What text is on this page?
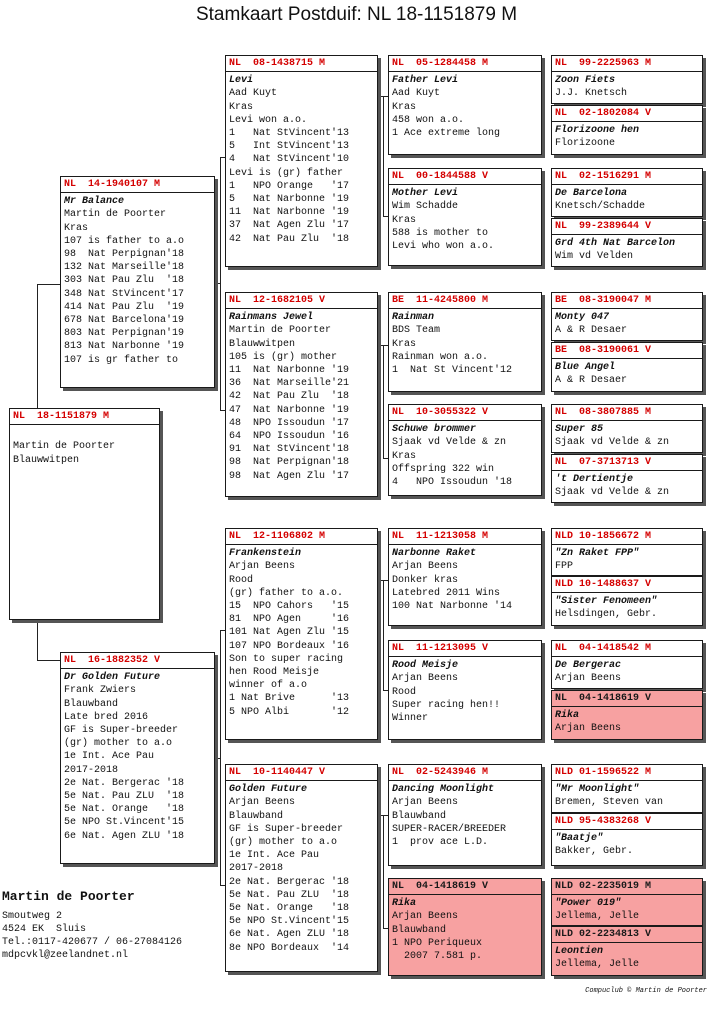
Stamkaart Postduif: NL 18-1151879 M
NL  18-1151879 M
Martin de Poorter
Blauwwitpen
NL  14-1940107 M
Mr Balance
Martin de Poorter
Kras
107 is father to a.o
98  Nat Perpignan'18
132 Nat Marseille'18
303 Nat Pau Zlu  '18
348 Nat StVincent'17
414 Nat Pau Zlu  '19
678 Nat Barcelona'19
803 Nat Perpignan'19
813 Nat Narbonne '19
107 is gr father to
NL  16-1882352 V
Dr Golden Future
Frank Zwiers
Blauwband
Late bred 2016
GF is Super-breeder
(gr) mother to a.o
1e Int. Ace Pau
2017-2018
2e Nat. Bergerac '18
5e Nat. Pau ZLU  '18
5e Nat. Orange   '18
5e NPO St.Vincent'15
6e Nat. Agen ZLU '18
NL  08-1438715 M
Levi
Aad Kuyt
Kras
Levi won a.o.
1   Nat StVincent'13
5   Int StVincent'13
4   Nat StVincent'10
Levi is (gr) father
1   NPO Orange   '17
5   Nat Narbonne '19
11  Nat Narbonne '19
37  Nat Agen Zlu '17
42  Nat Pau Zlu  '18
NL  12-1682105 V
Rainmans Jewel
Martin de Poorter
Blauwwitpen
105 is (gr) mother
11  Nat Narbonne '19
36  Nat Marseille'21
42  Nat Pau Zlu  '18
47  Nat Narbonne '19
48  NPO Issoudun '17
64  NPO Issoudun '16
91  Nat StVincent'18
98  Nat Perpignan'18
98  Nat Agen Zlu '17
NL  12-1106802 M
Frankenstein
Arjan Beens
Rood
(gr) father to a.o.
15  NPO Cahors   '15
81  NPO Agen     '16
101 Nat Agen Zlu '15
107 NPO Bordeaux '16
Son to super racing
hen Rood Meisje
winner of a.o
1 Nat Brive      '13
5 NPO Albi       '12
NL  10-1140447 V
Golden Future
Arjan Beens
Blauwband
GF is Super-breeder
(gr) mother to a.o
1e Int. Ace Pau
2017-2018
2e Nat. Bergerac '18
5e Nat. Pau ZLU  '18
5e Nat. Orange   '18
5e NPO St.Vincent'15
6e Nat. Agen ZLU '18
8e NPO Bordeaux  '14
NL  05-1284458 M
Father Levi
Aad Kuyt
Kras
458 won a.o.
1 Ace extreme long
NL  00-1844588 V
Mother Levi
Wim Schadde
Kras
588 is mother to
Levi who won a.o.
BE  11-4245800 M
Rainman
BDS Team
Kras
Rainman won a.o.
1  Nat St Vincent'12
NL  10-3055322 V
Schuwe brommer
Sjaak vd Velde & zn
Kras
Offspring 322 win
4   NPO Issoudun '18
NL  11-1213058 M
Narbonne Raket
Arjan Beens
Donker kras
Latebred 2011 Wins
100 Nat Narbonne '14
NL  11-1213095 V
Rood Meisje
Arjan Beens
Rood
Super racing hen!!
Winner
NL  02-5243946 M
Dancing Moonlight
Arjan Beens
Blauwband
SUPER-RACER/BREEDER
1  prov ace L.D.
NL  04-1418619 V
Rika
Arjan Beens
Blauwband
1 NPO Periqueux
2007 7.581 p.
NL  99-2225963 M
Zoon Fiets
J.J. Knetsch
NL  02-1802084 V
Florizoone hen
Florizoone
NL  02-1516291 M
De Barcelona
Knetsch/Schadde
NL  99-2389644 V
Grd 4th Nat Barcelon
Wim vd Velden
BE  08-3190047 M
Monty 047
A & R Desaer
BE  08-3190061 V
Blue Angel
A & R Desaer
NL  08-3807885 M
Super 85
Sjaak vd Velde & zn
NL  07-3713713 V
't Dertientje
Sjaak vd Velde & zn
NLD 10-1856672 M
"Zn Raket FPP"
FPP
NLD 10-1488637 V
"Sister Fenomeen"
Helsdingen, Gebr.
NL  04-1418542 M
De Bergerac
Arjan Beens
NL  04-1418619 V
Rika
Arjan Beens
NLD 01-1596522 M
"Mr Moonlight"
Bremen, Steven van
NLD 95-4383268 V
"Baatje"
Bakker, Gebr.
NLD 02-2235019 M
"Power 019"
Jellema, Jelle
NLD 02-2234813 V
Leontien
Jellema, Jelle
Martin de Poorter
Smoutweg 2
4524 EK  Sluis
Tel.:0117-420677 / 06-27084126
mdpcvkl@zeelandnet.nl
Compuclub © Martin de Poorter
